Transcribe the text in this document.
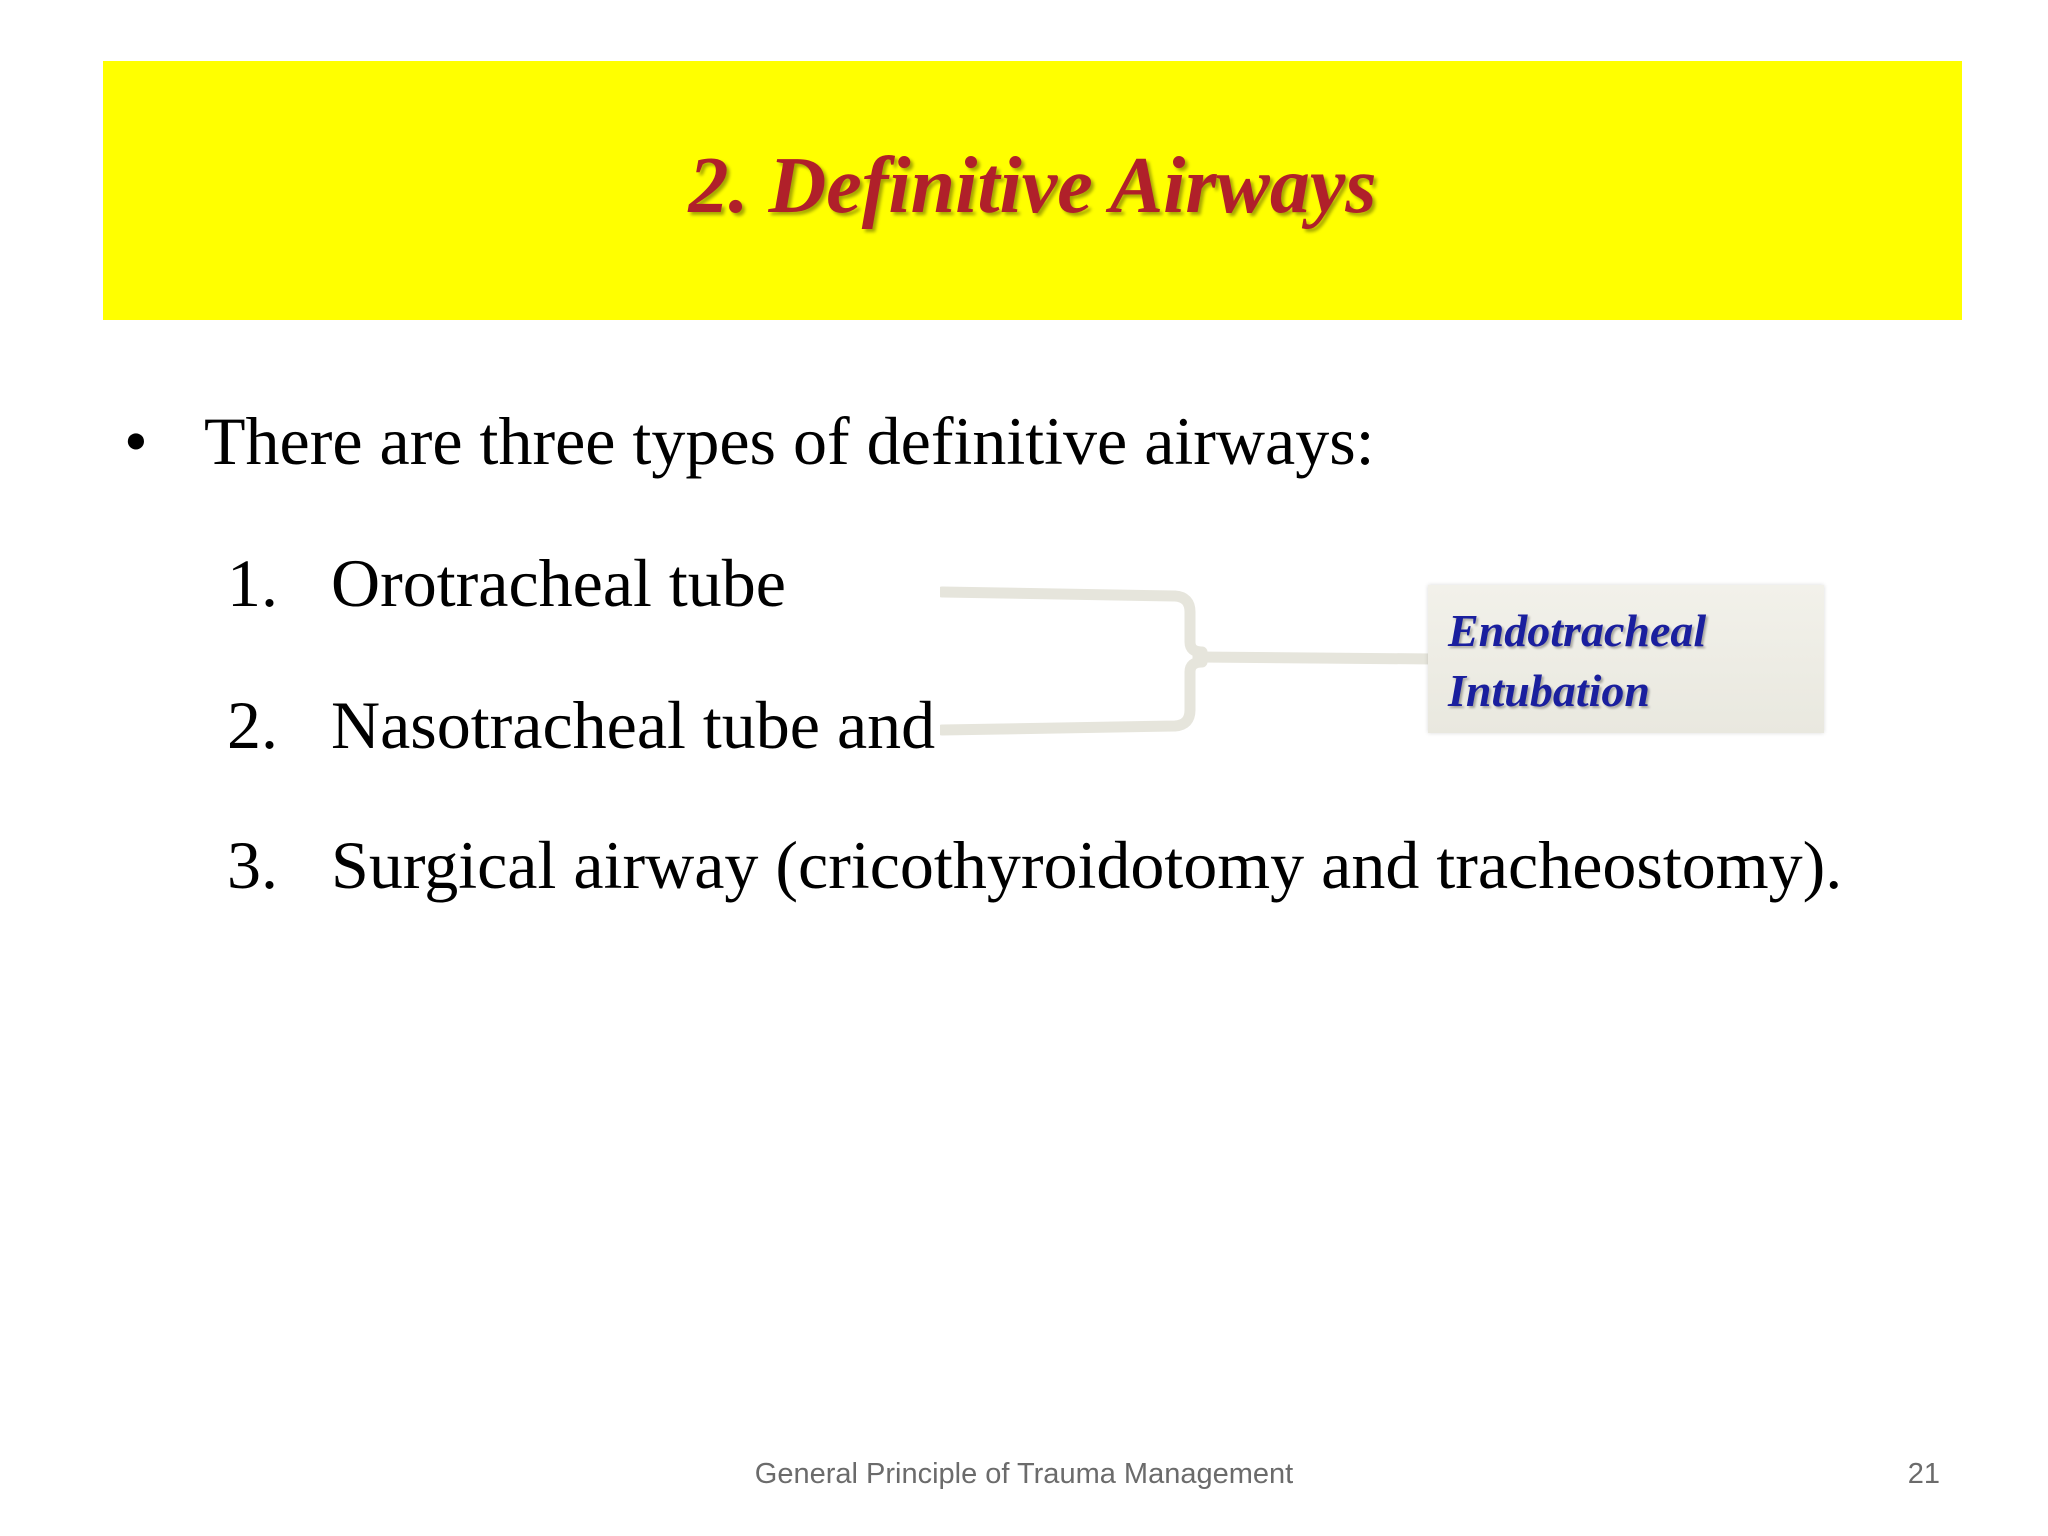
2. Definitive Airways
• There are three types of definitive airways:
1. Orotracheal tube
2. Nasotracheal tube and
3. Surgical airway (cricothyroidotomy and tracheostomy).
Endotracheal
Intubation
General Principle of Trauma Management	21
